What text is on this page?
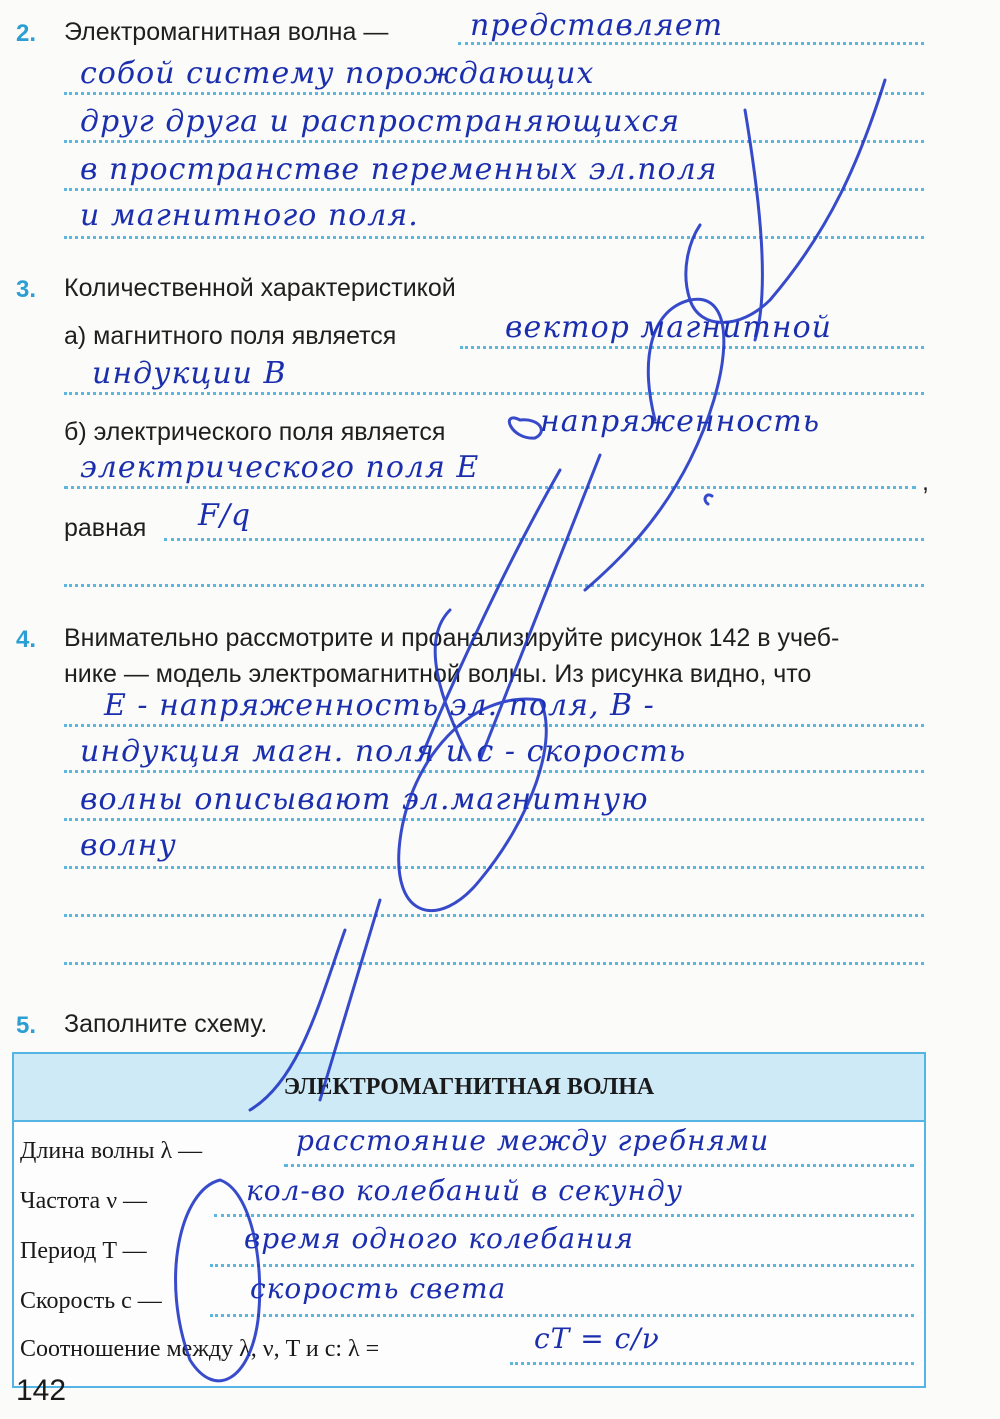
2. Электромагнитная волна —	представляет
собой систему порождающих
друг друга и распространяющихся
в пространстве переменных эл.поля
и магнитного поля.
3. Количественной характеристикой
а) магнитного поля является	вектор магнитной
индукции B
б) электрического поля является	напряженность
электрического поля E	,
равная F/q
4. Внимательно рассмотрите и проанализируйте рисунок 142 в учеб-
нике — модель электромагнитной волны. Из рисунка видно, что
E - напряженность эл. поля, B -
индукция магн. поля и c - скорость
волны описывают эл.магнитную
волну
5. Заполните схему.
ЭЛЕКТРОМАГНИТНАЯ ВОЛНА
Длина волны λ —	расстояние между гребнями
Частота ν —	кол-во колебаний в секунду
Период T —	время одного колебания
Скорость c —	скорость света
Соотношение между λ, ν, T и c: λ =	cT = c/ν
142
